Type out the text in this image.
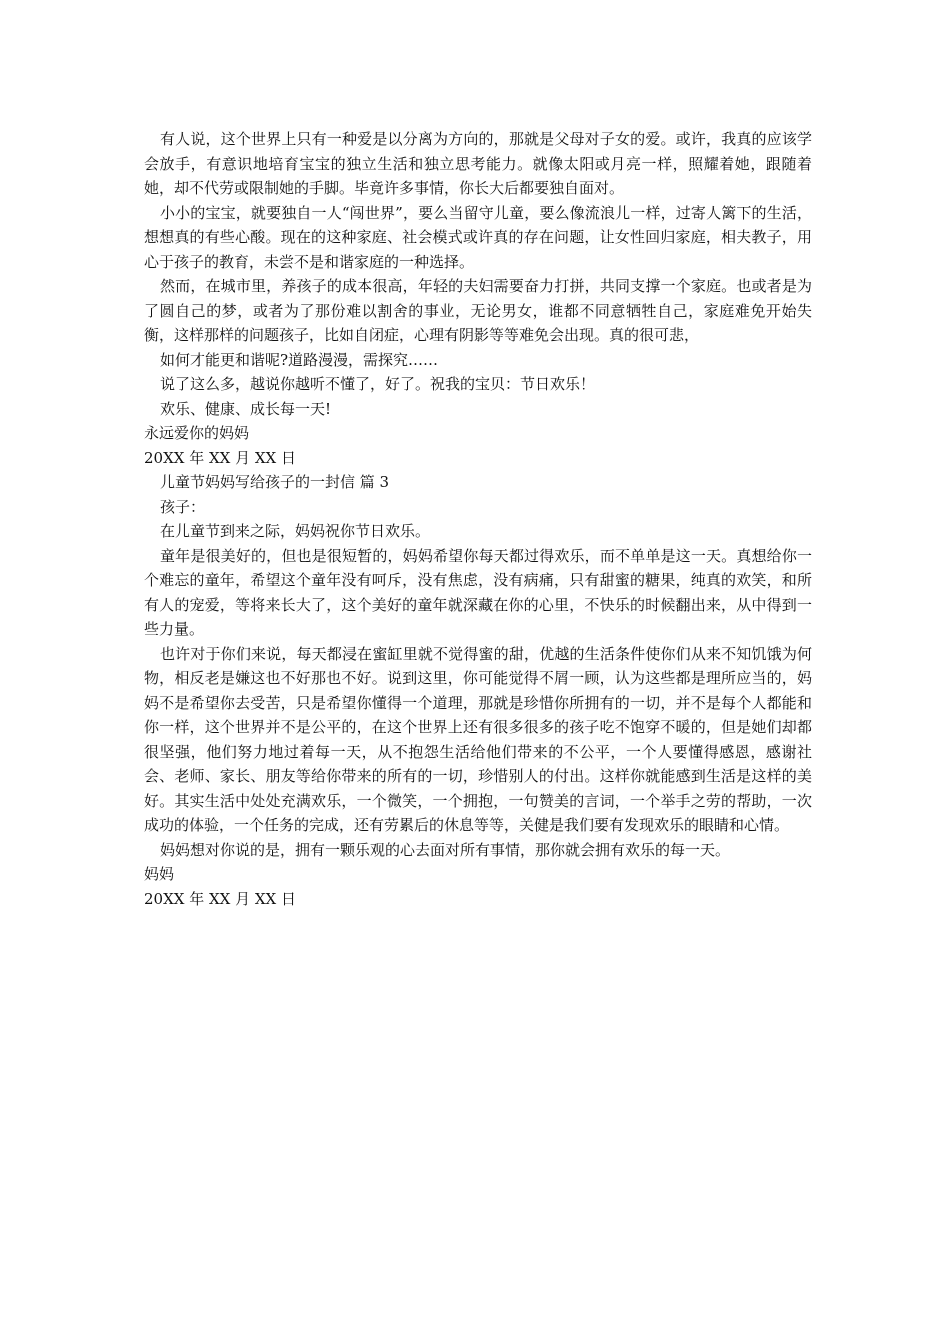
有人说，这个世界上只有一种爱是以分离为方向的，那就是父母对子女的爱。或许，我真的应该学会放手，有意识地培育宝宝的独立生活和独立思考能力。就像太阳或月亮一样，照耀着她，跟随着她，却不代劳或限制她的手脚。毕竟许多事情，你长大后都要独自面对。

小小的宝宝，就要独自一人“闯世界”，要么当留守儿童，要么像流浪儿一样，过寄人篱下的生活，想想真的有些心酸。现在的这种家庭、社会模式或许真的存在问题，让女性回归家庭，相夫教子，用心于孩子的教育，未尝不是和谐家庭的一种选择。

然而，在城市里，养孩子的成本很高，年轻的夫妇需要奋力打拼，共同支撑一个家庭。也或者是为了圆自己的梦，或者为了那份难以割舍的事业，无论男女，谁都不同意牺牲自己，家庭难免开始失衡，这样那样的问题孩子，比如自闭症，心理有阴影等等难免会出现。真的很可悲，

如何才能更和谐呢?道路漫漫，需探究……

说了这么多，越说你越听不懂了，好了。祝我的宝贝：节日欢乐！

欢乐、健康、成长每一天!

永远爱你的妈妈

20XX 年 XX 月 XX 日

儿童节妈妈写给孩子的一封信 篇 3

孩子：

在儿童节到来之际，妈妈祝你节日欢乐。

童年是很美好的，但也是很短暂的，妈妈希望你每天都过得欢乐，而不单单是这一天。真想给你一个难忘的童年，希望这个童年没有呵斥，没有焦虑，没有病痛，只有甜蜜的糖果，纯真的欢笑，和所有人的宠爱，等将来长大了，这个美好的童年就深藏在你的心里，不快乐的时候翻出来，从中得到一些力量。

也许对于你们来说，每天都浸在蜜缸里就不觉得蜜的甜，优越的生活条件使你们从来不知饥饿为何物，相反老是嫌这也不好那也不好。说到这里，你可能觉得不屑一顾，认为这些都是理所应当的，妈妈不是希望你去受苦，只是希望你懂得一个道理，那就是珍惜你所拥有的一切，并不是每个人都能和你一样，这个世界并不是公平的，在这个世界上还有很多很多的孩子吃不饱穿不暖的，但是她们却都很坚强，他们努力地过着每一天，从不抱怨生活给他们带来的不公平，一个人要懂得感恩，感谢社会、老师、家长、朋友等给你带来的所有的一切，珍惜别人的付出。这样你就能感到生活是这样的美好。其实生活中处处充满欢乐，一个微笑，一个拥抱，一句赞美的言词，一个举手之劳的帮助，一次成功的体验，一个任务的完成，还有劳累后的休息等等，关健是我们要有发现欢乐的眼睛和心情。

妈妈想对你说的是，拥有一颗乐观的心去面对所有事情，那你就会拥有欢乐的每一天。

妈妈

20XX 年 XX 月 XX 日
